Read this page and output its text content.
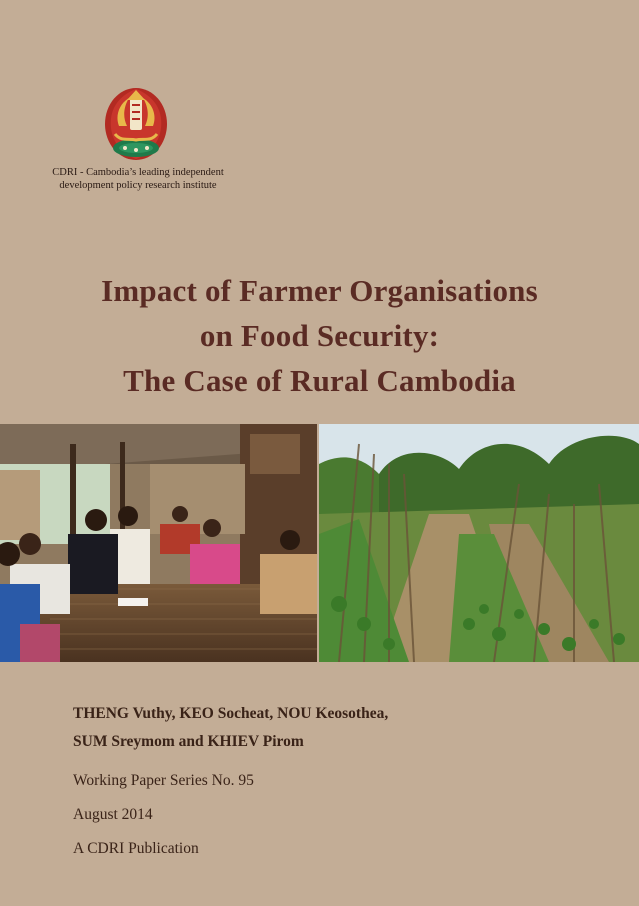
CDRI - Cambodia’s leading independent
development policy research institute
Impact of Farmer Organisations
on Food Security:
The Case of Rural Cambodia
THENG Vuthy, KEO Socheat, NOU Keosothea,
SUM Sreymom and KHIEV Pirom
Working Paper Series No. 95
August 2014
A CDRI Publication
